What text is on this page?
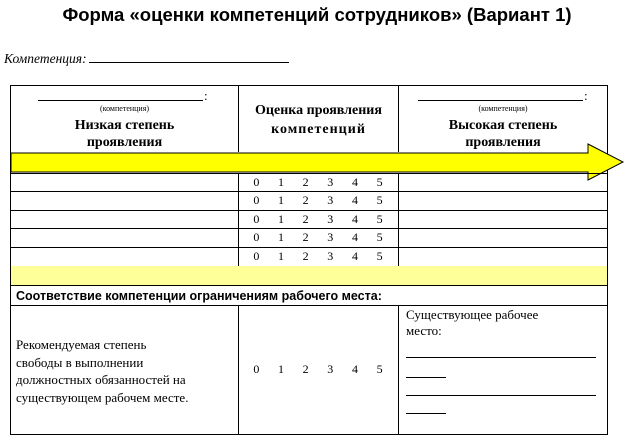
Форма «оценки компетенций сотрудников» (Вариант 1)
Компетенция:
:
(компетенция)
Низкая степень
проявления
Оценка проявления
компетенций
:
(компетенция)
Высокая степень
проявления
0 1 2 3 4 5
0 1 2 3 4 5
0 1 2 3 4 5
0 1 2 3 4 5
0 1 2 3 4 5
Соответствие компетенции ограничениям рабочего места:
Рекомендуемая степень
свободы в выполнении
должностных обязанностей на
существующем рабочем месте.
0 1 2 3 4 5
Существующее рабочее
место:
